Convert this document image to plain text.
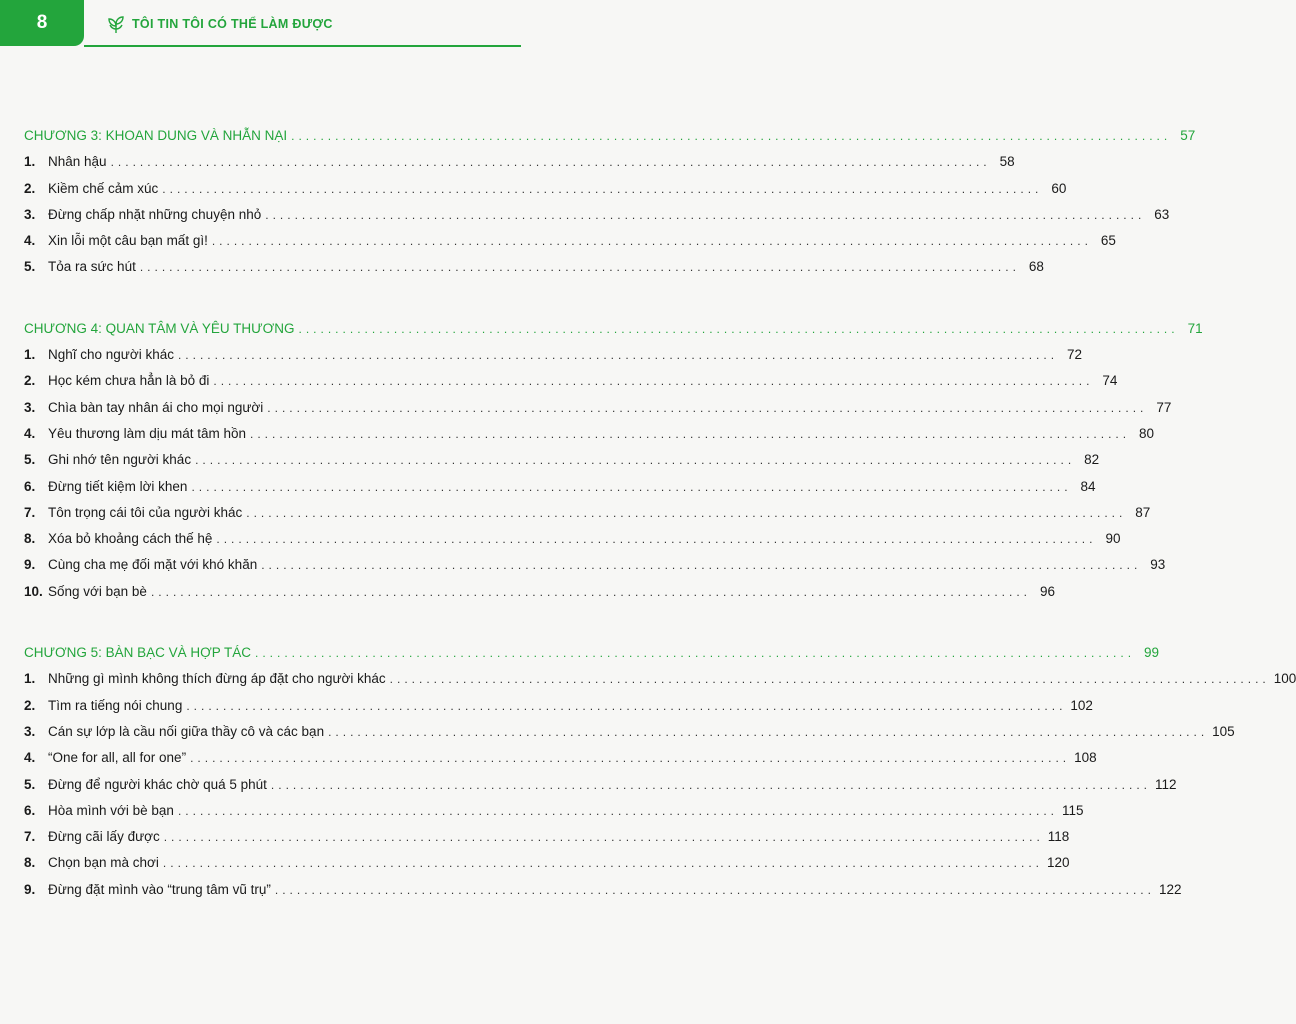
8	TÔI TIN TÔI CÓ THỂ LÀM ĐƯỢC
CHƯƠNG 3: KHOAN DUNG VÀ NHẪN NẠI ........................................................................................................................ 57
1. Nhân hậu ........................................................................................................................ 58
2. Kiềm chế cảm xúc ........................................................................................................................ 60
3. Đừng chấp nhặt những chuyện nhỏ ........................................................................................................................ 63
4. Xin lỗi một câu bạn mất gì! ........................................................................................................................ 65
5. Tỏa ra sức hút ........................................................................................................................ 68
CHƯƠNG 4: QUAN TÂM VÀ YÊU THƯƠNG ........................................................................................................................ 71
1. Nghĩ cho người khác ........................................................................................................................ 72
2. Học kém chưa hẳn là bỏ đi ........................................................................................................................ 74
3. Chìa bàn tay nhân ái cho mọi người ........................................................................................................................ 77
4. Yêu thương làm dịu mát tâm hồn ........................................................................................................................ 80
5. Ghi nhớ tên người khác ........................................................................................................................ 82
6. Đừng tiết kiệm lời khen ........................................................................................................................ 84
7. Tôn trọng cái tôi của người khác ........................................................................................................................ 87
8. Xóa bỏ khoảng cách thế hệ ........................................................................................................................ 90
9. Cùng cha mẹ đối mặt với khó khăn ........................................................................................................................ 93
10. Sống với bạn bè ........................................................................................................................ 96
CHƯƠNG 5: BÀN BẠC VÀ HỢP TÁC ........................................................................................................................ 99
1. Những gì mình không thích đừng áp đặt cho người khác ........................................................................................................................ 100
2. Tìm ra tiếng nói chung ........................................................................................................................ 102
3. Cán sự lớp là cầu nối giữa thầy cô và các bạn ........................................................................................................................ 105
4. “One for all, all for one” ........................................................................................................................ 108
5. Đừng để người khác chờ quá 5 phút ........................................................................................................................ 112
6. Hòa mình với bè bạn ........................................................................................................................ 115
7. Đừng cãi lấy được ........................................................................................................................ 118
8. Chọn bạn mà chơi ........................................................................................................................ 120
9. Đừng đặt mình vào “trung tâm vũ trụ” ........................................................................................................................ 122
